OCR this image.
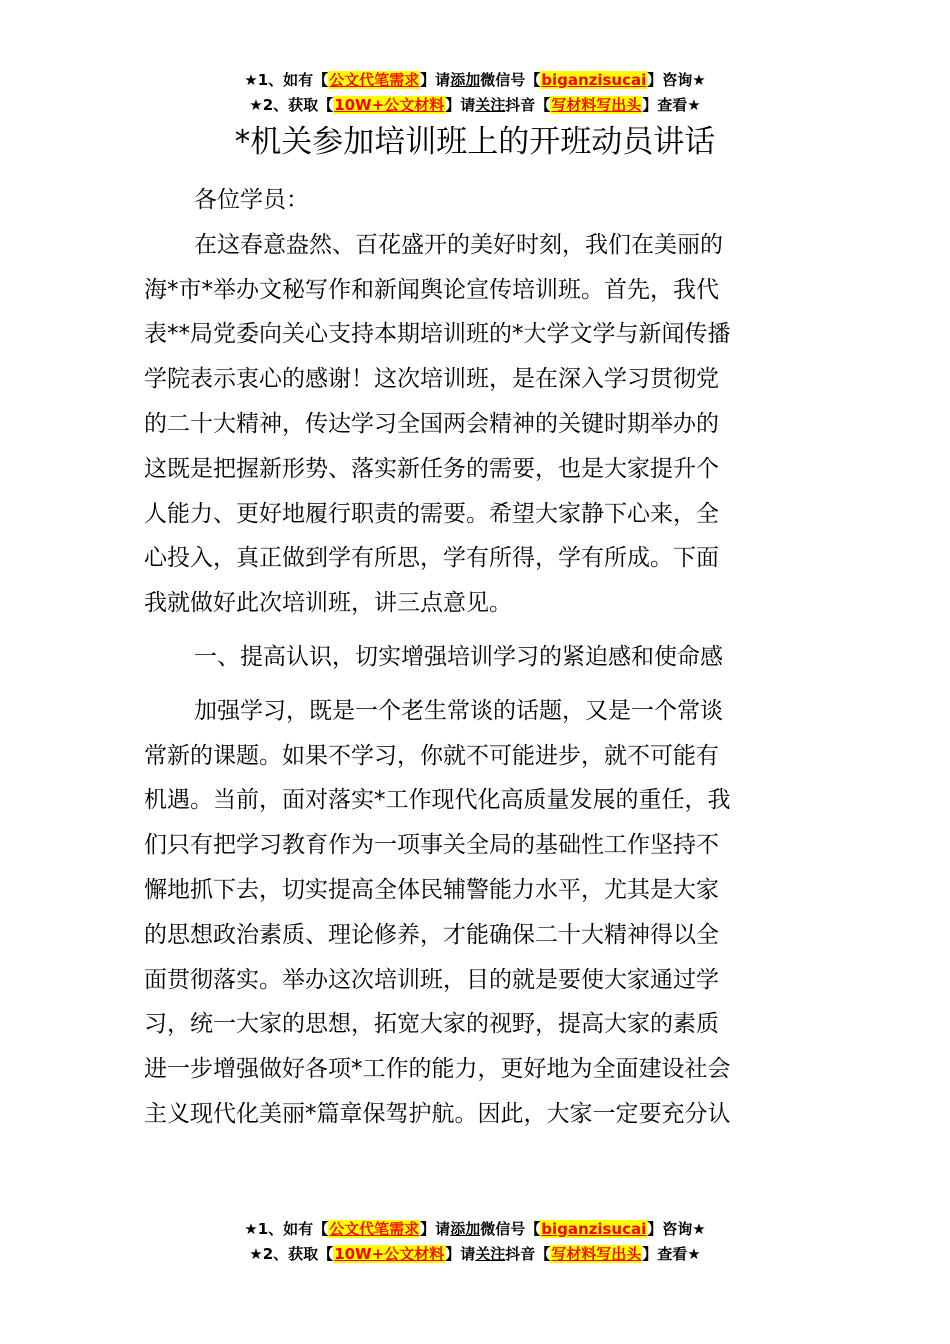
★1、如有【公文代笔需求】请添加微信号【biganzisucai】咨询★
★2、获取【10W+公文材料】请关注抖音【写材料写出头】查看★
*机关参加培训班上的开班动员讲话
各位学员：
在这春意盎然、百花盛开的美好时刻，我们在美丽的
海*市*举办文秘写作和新闻舆论宣传培训班。首先，我代
表**局党委向关心支持本期培训班的*大学文学与新闻传播
学院表示衷心的感谢！这次培训班，是在深入学习贯彻党
的二十大精神，传达学习全国两会精神的关键时期举办的
这既是把握新形势、落实新任务的需要，也是大家提升个
人能力、更好地履行职责的需要。希望大家静下心来，全
心投入，真正做到学有所思，学有所得，学有所成。下面
我就做好此次培训班，讲三点意见。
一、提高认识，切实增强培训学习的紧迫感和使命感
加强学习，既是一个老生常谈的话题，又是一个常谈
常新的课题。如果不学习，你就不可能进步，就不可能有
机遇。当前，面对落实*工作现代化高质量发展的重任，我
们只有把学习教育作为一项事关全局的基础性工作坚持不
懈地抓下去，切实提高全体民辅警能力水平，尤其是大家
的思想政治素质、理论修养，才能确保二十大精神得以全
面贯彻落实。举办这次培训班，目的就是要使大家通过学
习，统一大家的思想，拓宽大家的视野，提高大家的素质
进一步增强做好各项*工作的能力，更好地为全面建设社会
主义现代化美丽*篇章保驾护航。因此，大家一定要充分认
★1、如有【公文代笔需求】请添加微信号【biganzisucai】咨询★
★2、获取【10W+公文材料】请关注抖音【写材料写出头】查看★
